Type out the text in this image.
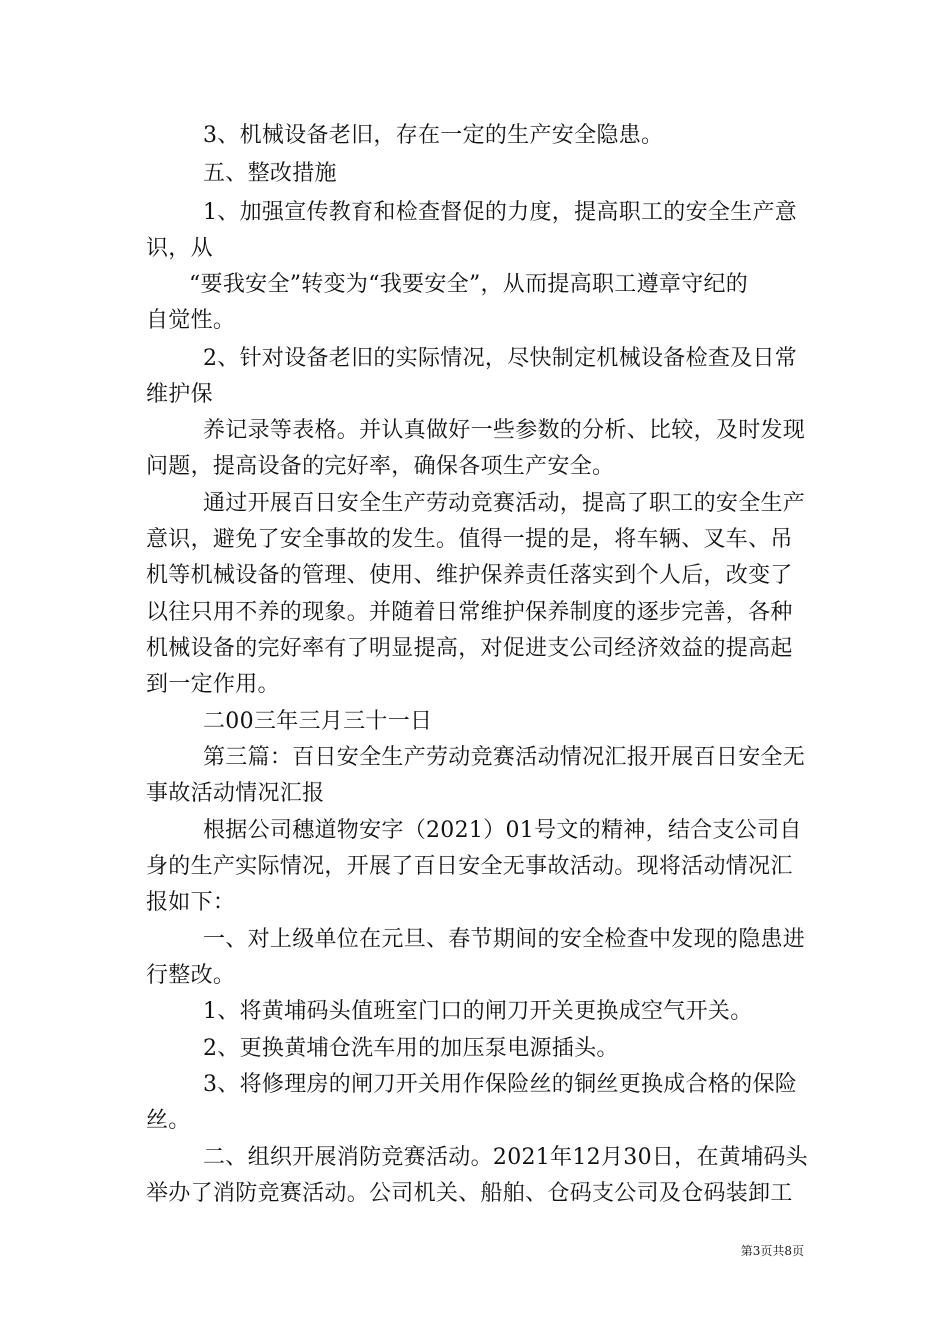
3、机械设备老旧，存在一定的生产安全隐患。
五、整改措施
1、加强宣传教育和检查督促的力度，提高职工的安全生产意
识，从
“要我安全”转变为“我要安全”，从而提高职工遵章守纪的
自觉性。
2、针对设备老旧的实际情况，尽快制定机械设备检查及日常
维护保
养记录等表格。并认真做好一些参数的分析、比较，及时发现
问题，提高设备的完好率，确保各项生产安全。
通过开展百日安全生产劳动竞赛活动，提高了职工的安全生产
意识，避免了安全事故的发生。值得一提的是，将车辆、叉车、吊
机等机械设备的管理、使用、维护保养责任落实到个人后，改变了
以往只用不养的现象。并随着日常维护保养制度的逐步完善，各种
机械设备的完好率有了明显提高，对促进支公司经济效益的提高起
到一定作用。
二00三年三月三十一日
第三篇：百日安全生产劳动竞赛活动情况汇报开展百日安全无
事故活动情况汇报
根据公司穗道物安字（2021）01号文的精神，结合支公司自
身的生产实际情况，开展了百日安全无事故活动。现将活动情况汇
报如下：
一、对上级单位在元旦、春节期间的安全检查中发现的隐患进
行整改。
1、将黄埔码头值班室门口的闸刀开关更换成空气开关。
2、更换黄埔仓洗车用的加压泵电源插头。
3、将修理房的闸刀开关用作保险丝的铜丝更换成合格的保险
丝。
二、组织开展消防竞赛活动。2021年12月30日，在黄埔码头
举办了消防竞赛活动。公司机关、船舶、仓码支公司及仓码装卸工
第3页共8页
